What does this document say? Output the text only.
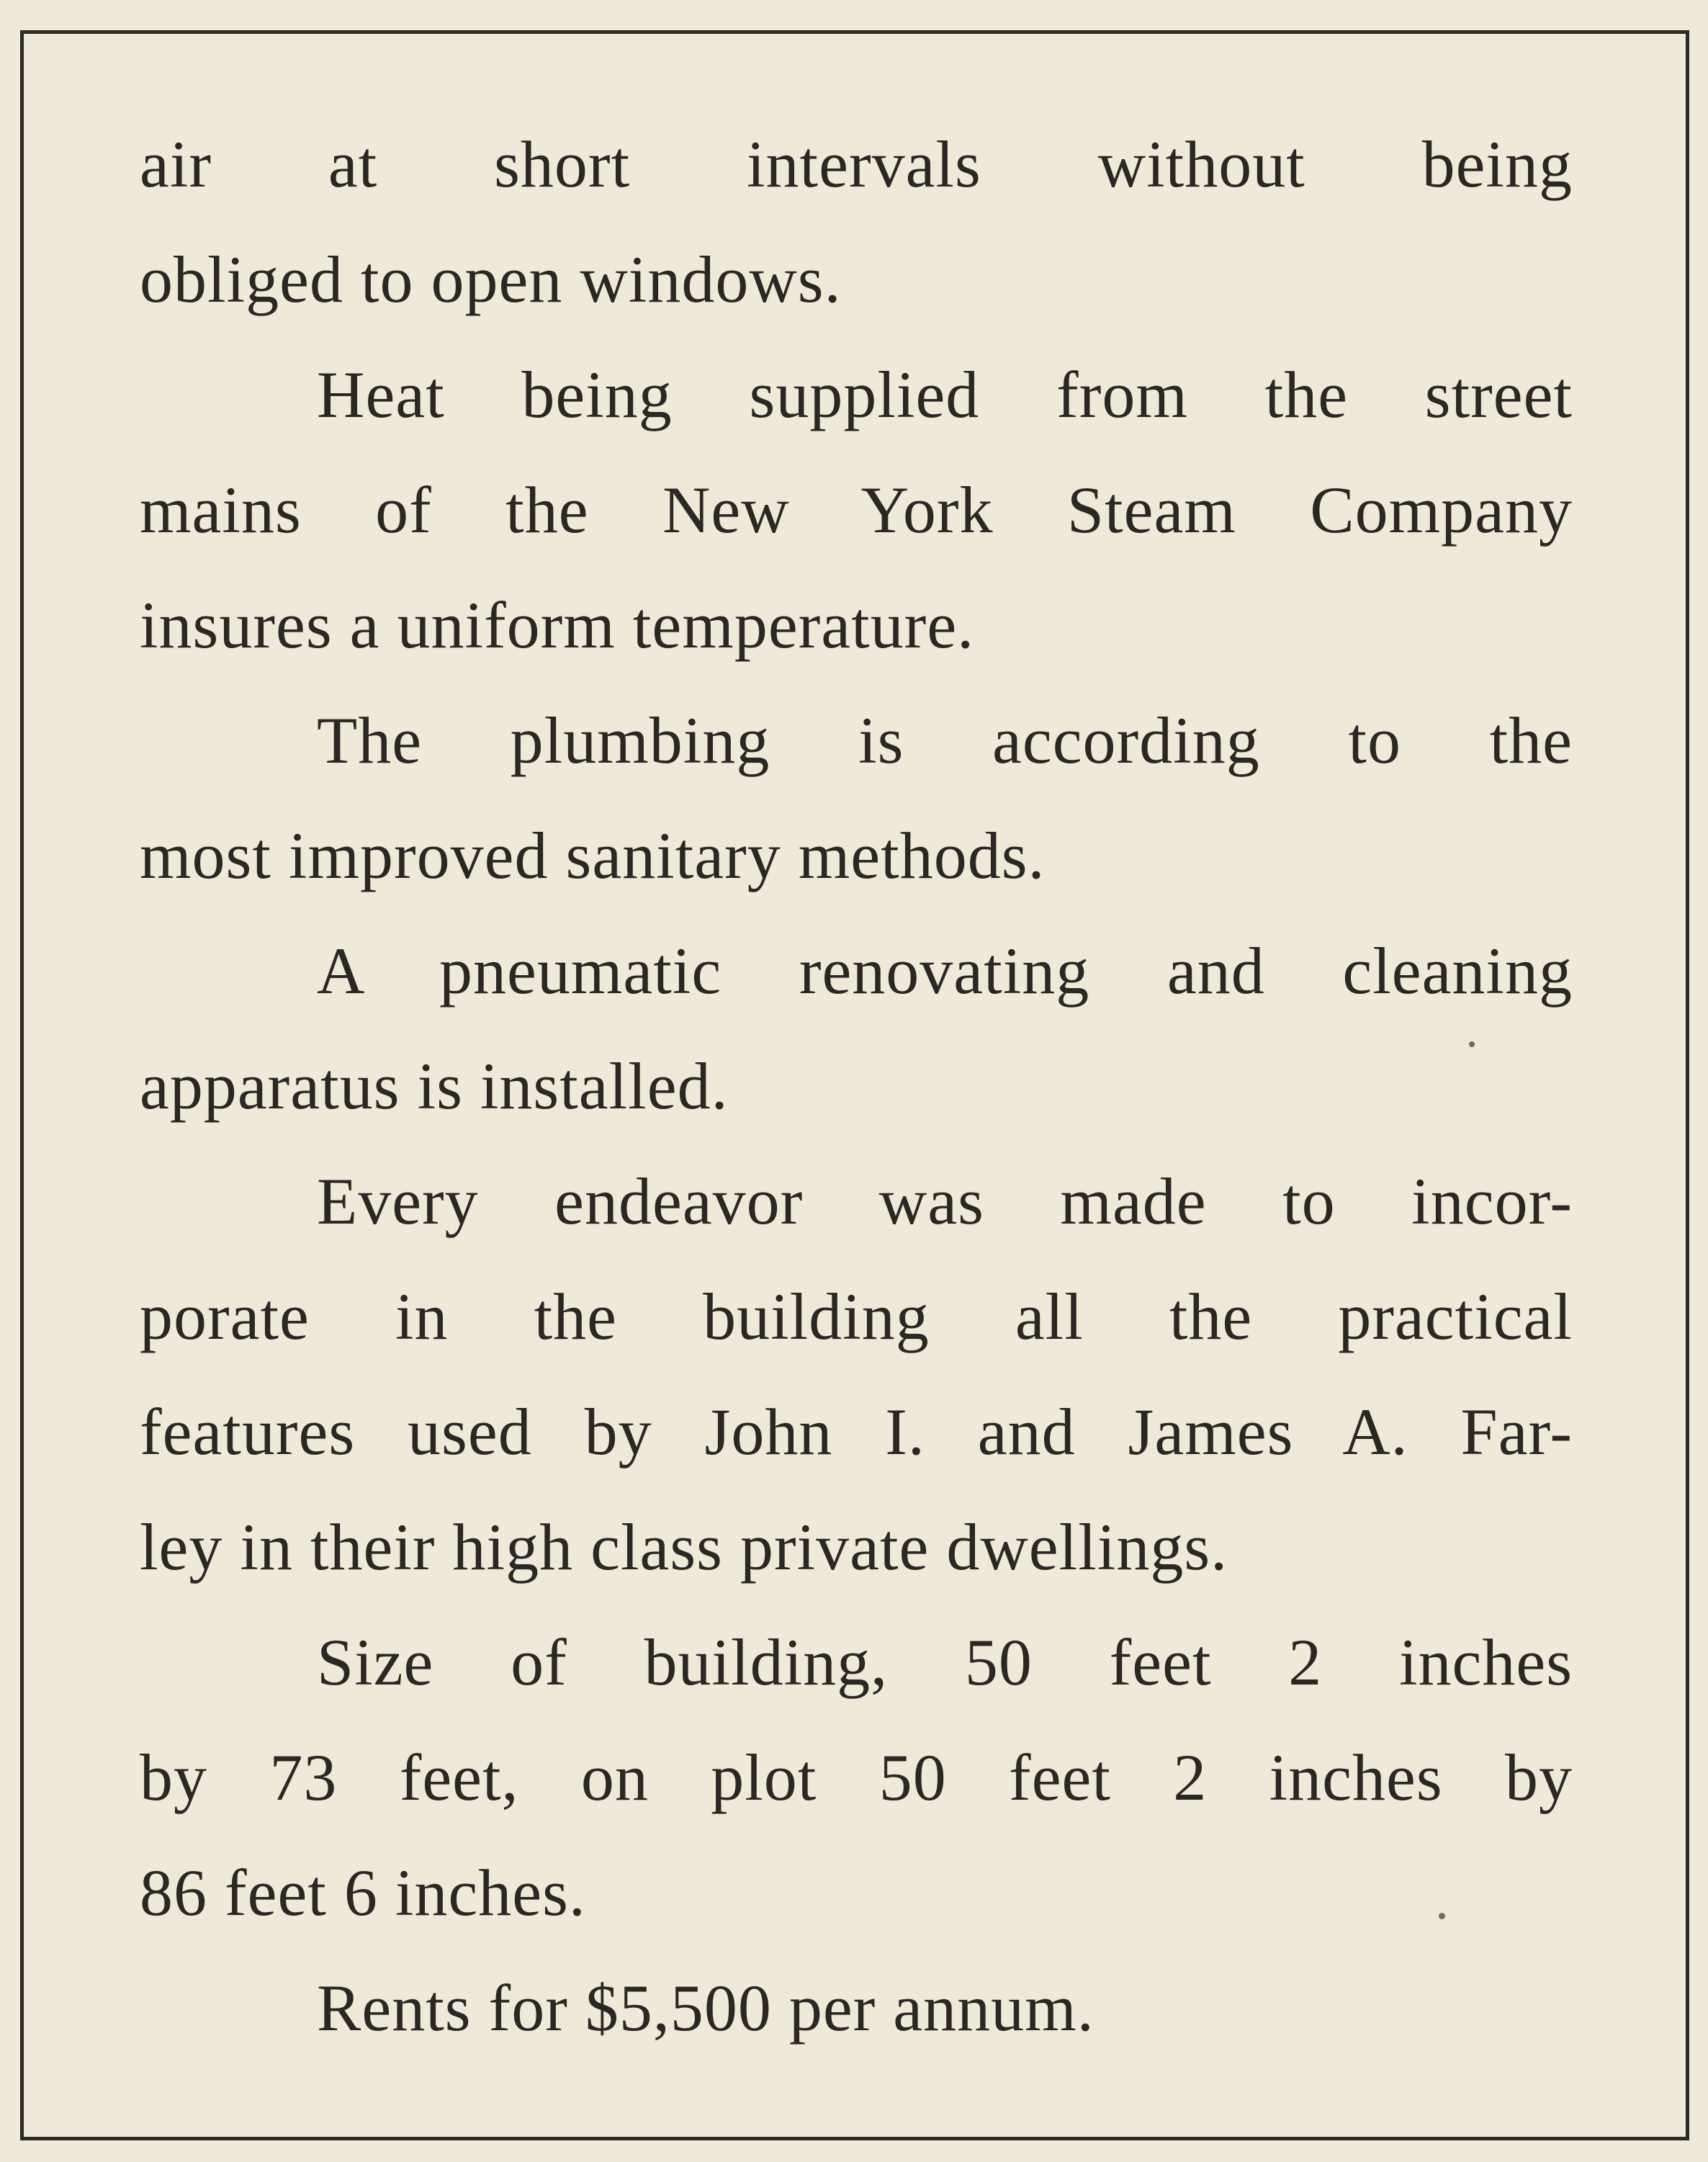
air at short intervals without being
obliged to open windows.
Heat being supplied from the street
mains of the New York Steam Company
insures a uniform temperature.
The plumbing is according to the
most improved sanitary methods.
A pneumatic renovating and cleaning
apparatus is installed.
Every endeavor was made to incor-
porate in the building all the practical
features used by John I. and James A. Far-
ley in their high class private dwellings.
Size of building, 50 feet 2 inches
by 73 feet, on plot 50 feet 2 inches by
86 feet 6 inches.
Rents for $5,500 per annum.
